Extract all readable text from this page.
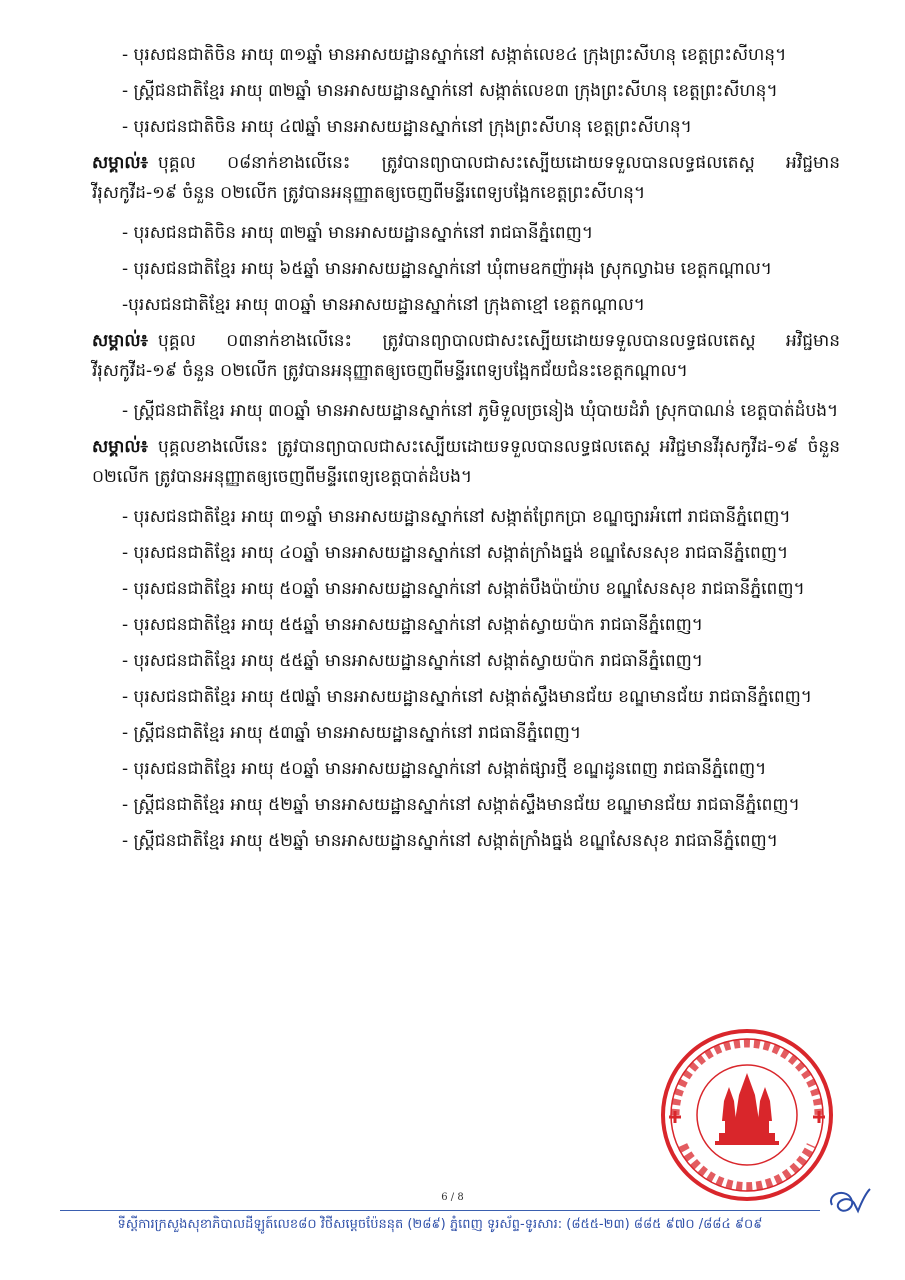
- បុរសជនជាតិចិន អាយុ ៣១ឆ្នាំ មានអាសយដ្ឋានស្នាក់នៅ សង្កាត់លេខ៤ ក្រុងព្រះសីហនុ ខេត្តព្រះសីហនុ។

- ស្ត្រីជនជាតិខ្មែរ អាយុ ៣២ឆ្នាំ មានអាសយដ្ឋានស្នាក់នៅ សង្កាត់លេខ៣ ក្រុងព្រះសីហនុ ខេត្តព្រះសីហនុ។

- បុរសជនជាតិចិន អាយុ ៤៧ឆ្នាំ មានអាសយដ្ឋានស្នាក់នៅ ក្រុងព្រះសីហនុ ខេត្តព្រះសីហនុ។

សម្គាល់៖ បុគ្គល ០៨នាក់ខាងលើនេះ ត្រូវបានព្យាបាលជាសះស្បើយដោយទទួលបានលទ្ធផលតេស្ត អវិជ្ជមានវីរុសកូវីដ-១៩ ចំនួន ០២លើក ត្រូវបានអនុញ្ញាតឲ្យចេញពីមន្ទីរពេទ្យបង្អែកខេត្តព្រះសីហនុ។

- បុរសជនជាតិចិន អាយុ ៣២ឆ្នាំ មានអាសយដ្ឋានស្នាក់នៅ រាជធានីភ្នំពេញ។

- បុរសជនជាតិខ្មែរ អាយុ ៦៥ឆ្នាំ មានអាសយដ្ឋានស្នាក់នៅ ឃុំពាមឧកញ៉ាអុង ស្រុកល្វាឯម ខេត្តកណ្ដាល។

-បុរសជនជាតិខ្មែរ អាយុ ៣០ឆ្នាំ មានអាសយដ្ឋានស្នាក់នៅ ក្រុងតាខ្មៅ ខេត្តកណ្ដាល។

សម្គាល់៖ បុគ្គល ០៣នាក់ខាងលើនេះ ត្រូវបានព្យាបាលជាសះស្បើយដោយទទួលបានលទ្ធផលតេស្ត អវិជ្ជមានវីរុសកូវីដ-១៩ ចំនួន ០២លើក ត្រូវបានអនុញ្ញាតឲ្យចេញពីមន្ទីរពេទ្យបង្អែកជ័យជំនះខេត្តកណ្ដាល។

- ស្ត្រីជនជាតិខ្មែរ អាយុ ៣០ឆ្នាំ មានអាសយដ្ឋានស្នាក់នៅ ភូមិទួលច្រនៀង ឃុំបាយដំរាំ ស្រុកបាណន់ ខេត្តបាត់ដំបង។

សម្គាល់៖ បុគ្គលខាងលើនេះ ត្រូវបានព្យាបាលជាសះស្បើយដោយទទួលបានលទ្ធផលតេស្ត អវិជ្ជមានវីរុសកូវីដ-១៩ ចំនួន ០២លើក ត្រូវបានអនុញ្ញាតឲ្យចេញពីមន្ទីរពេទ្យខេត្តបាត់ដំបង។

- បុរសជនជាតិខ្មែរ អាយុ ៣១ឆ្នាំ មានអាសយដ្ឋានស្នាក់នៅ សង្កាត់ព្រែកប្រា ខណ្ឌច្បារអំពៅ រាជធានីភ្នំពេញ។

- បុរសជនជាតិខ្មែរ អាយុ ៤០ឆ្នាំ មានអាសយដ្ឋានស្នាក់នៅ សង្កាត់ក្រាំងធ្នង់ ខណ្ឌសែនសុខ រាជធានីភ្នំពេញ។

- បុរសជនជាតិខ្មែរ អាយុ ៥០ឆ្នាំ មានអាសយដ្ឋានស្នាក់នៅ សង្កាត់បឹងប៉ាយ៉ាប ខណ្ឌសែនសុខ រាជធានីភ្នំពេញ។

- បុរសជនជាតិខ្មែរ អាយុ ៥៥ឆ្នាំ មានអាសយដ្ឋានស្នាក់នៅ សង្កាត់ស្វាយប៉ាក រាជធានីភ្នំពេញ។

- បុរសជនជាតិខ្មែរ អាយុ ៥៥ឆ្នាំ មានអាសយដ្ឋានស្នាក់នៅ សង្កាត់ស្វាយប៉ាក រាជធានីភ្នំពេញ។

- បុរសជនជាតិខ្មែរ អាយុ ៥៧ឆ្នាំ មានអាសយដ្ឋានស្នាក់នៅ សង្កាត់ស្ទឹងមានជ័យ ខណ្ឌមានជ័យ រាជធានីភ្នំពេញ។

- ស្ត្រីជនជាតិខ្មែរ អាយុ ៥៣ឆ្នាំ មានអាសយដ្ឋានស្នាក់នៅ រាជធានីភ្នំពេញ។

- បុរសជនជាតិខ្មែរ អាយុ ៥០ឆ្នាំ មានអាសយដ្ឋានស្នាក់នៅ សង្កាត់ផ្សារថ្មី ខណ្ឌដូនពេញ រាជធានីភ្នំពេញ។

- ស្ត្រីជនជាតិខ្មែរ អាយុ ៥២ឆ្នាំ មានអាសយដ្ឋានស្នាក់នៅ សង្កាត់ស្ទឹងមានជ័យ ខណ្ឌមានជ័យ រាជធានីភ្នំពេញ។

- ស្ត្រីជនជាតិខ្មែរ អាយុ ៥២ឆ្នាំ មានអាសយដ្ឋានស្នាក់នៅ សង្កាត់ក្រាំងធ្នង់ ខណ្ឌសែនសុខ រាជធានីភ្នំពេញ។

6 / 8
ទីស្តីការក្រសួងសុខាភិបាលដីឡូត៍លេខ៨០ វិថីសម្តេចប៉ែននុត (២៨៩) ភ្នំពេញ ទូរស័ព្ទ-ទូរសារ: (៨៥៥-២៣) ៨៨៥ ៩៧០ /៨៨៤ ៩០៩
